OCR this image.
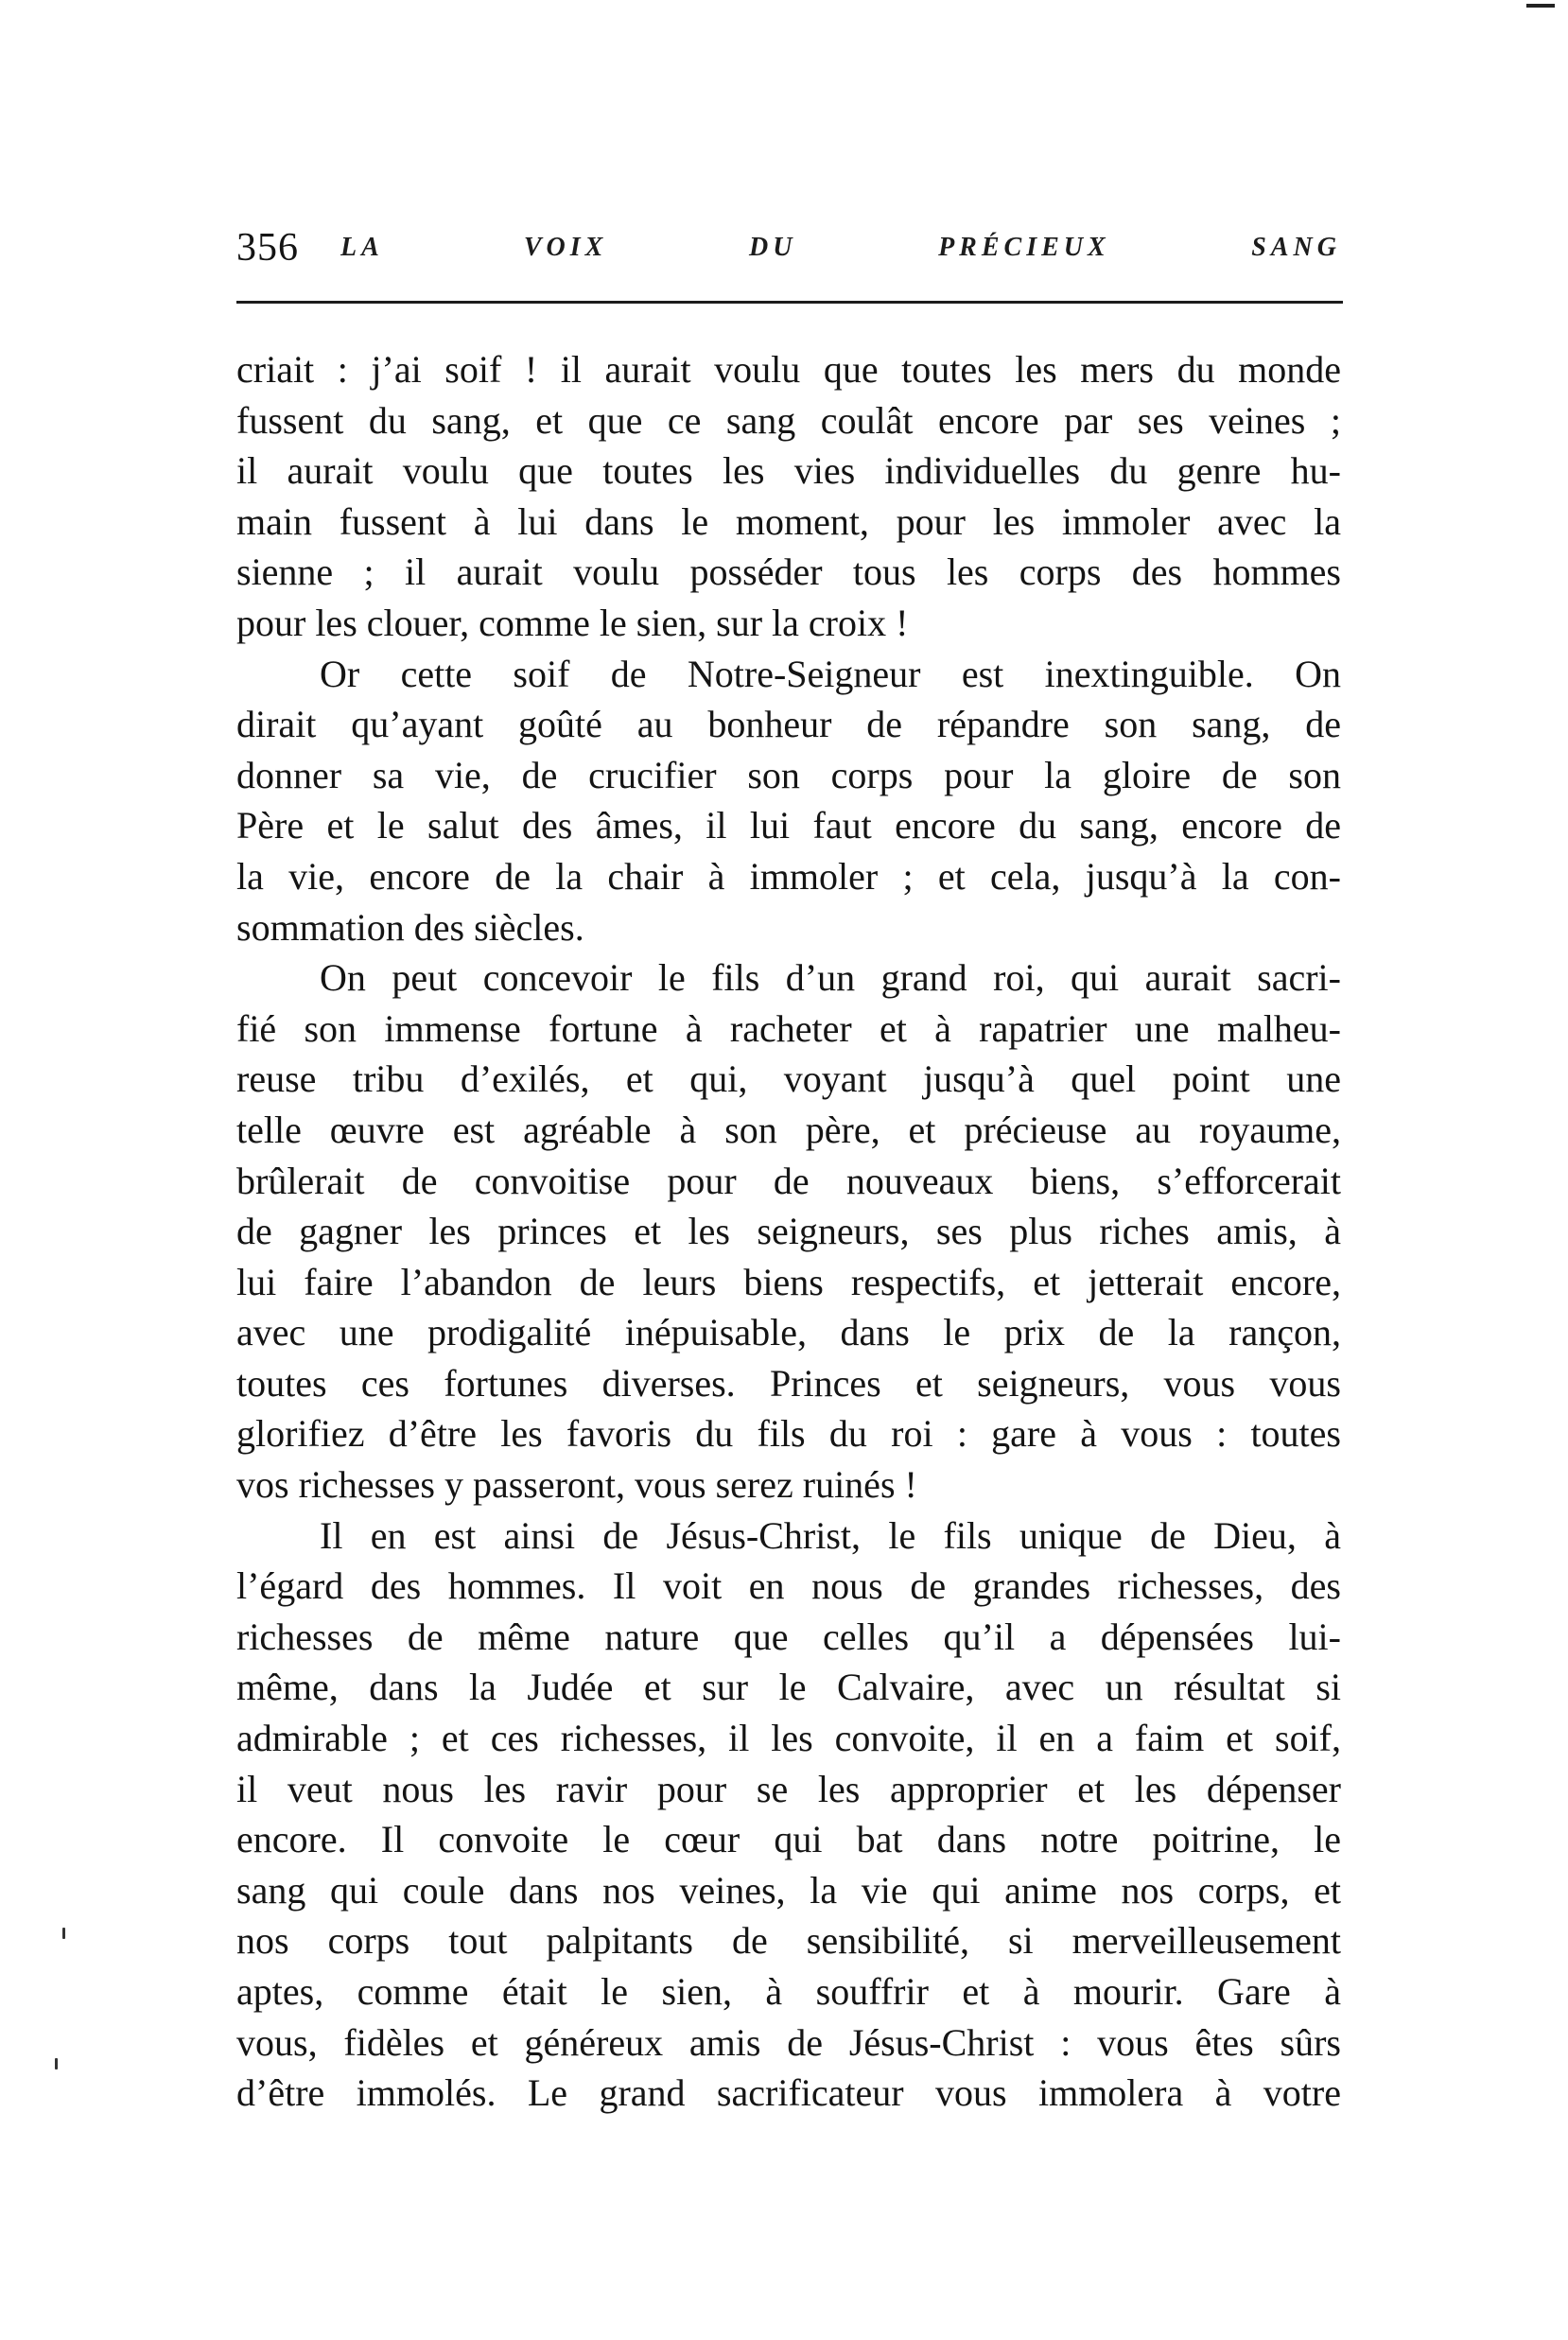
356 LA VOIX DU PRÉCIEUX SANG
criait : j’ai soif ! il aurait voulu que toutes les mers du monde
fussent du sang, et que ce sang coulât encore par ses veines ;
il aurait voulu que toutes les vies individuelles du genre hu-
main fussent à lui dans le moment, pour les immoler avec la
sienne ; il aurait voulu posséder tous les corps des hommes
pour les clouer, comme le sien, sur la croix !
Or cette soif de Notre-Seigneur est inextinguible. On
dirait qu’ayant goûté au bonheur de répandre son sang, de
donner sa vie, de crucifier son corps pour la gloire de son
Père et le salut des âmes, il lui faut encore du sang, encore de
la vie, encore de la chair à immoler ; et cela, jusqu’à la con-
sommation des siècles.
On peut concevoir le fils d’un grand roi, qui aurait sacri-
fié son immense fortune à racheter et à rapatrier une malheu-
reuse tribu d’exilés, et qui, voyant jusqu’à quel point une
telle œuvre est agréable à son père, et précieuse au royaume,
brûlerait de convoitise pour de nouveaux biens, s’efforcerait
de gagner les princes et les seigneurs, ses plus riches amis, à
lui faire l’abandon de leurs biens respectifs, et jetterait encore,
avec une prodigalité inépuisable, dans le prix de la rançon,
toutes ces fortunes diverses. Princes et seigneurs, vous vous
glorifiez d’être les favoris du fils du roi : gare à vous : toutes
vos richesses y passeront, vous serez ruinés !
Il en est ainsi de Jésus-Christ, le fils unique de Dieu, à
l’égard des hommes. Il voit en nous de grandes richesses, des
richesses de même nature que celles qu’il a dépensées lui-
même, dans la Judée et sur le Calvaire, avec un résultat si
admirable ; et ces richesses, il les convoite, il en a faim et soif,
il veut nous les ravir pour se les approprier et les dépenser
encore. Il convoite le cœur qui bat dans notre poitrine, le
sang qui coule dans nos veines, la vie qui anime nos corps, et
nos corps tout palpitants de sensibilité, si merveilleusement
aptes, comme était le sien, à souffrir et à mourir. Gare à
vous, fidèles et généreux amis de Jésus-Christ : vous êtes sûrs
d’être immolés. Le grand sacrificateur vous immolera à votre
